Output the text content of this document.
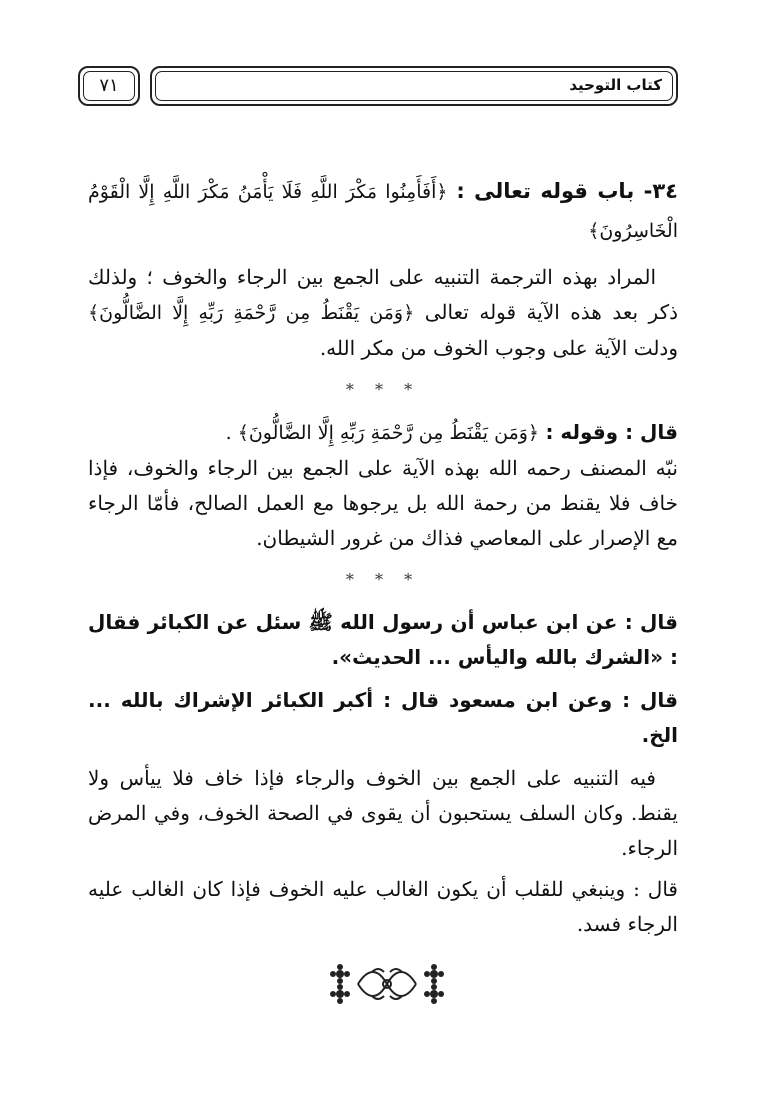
كتاب التوحيد
٧١

٣٤- باب قوله تعالى : ﴿أَفَأَمِنُوا مَكْرَ اللَّهِ فَلَا يَأْمَنُ مَكْرَ اللَّهِ إِلَّا الْقَوْمُ الْخَاسِرُونَ﴾

المراد بهذه الترجمة التنبيه على الجمع بين الرجاء والخوف ؛ ولذلك ذكر بعد هذه الآية قوله تعالى ﴿وَمَن يَقْنَطُ مِن رَّحْمَةِ رَبِّهِ إِلَّا الضَّالُّونَ﴾ ودلت الآية على وجوب الخوف من مكر الله.

* * *

قال : وقوله : ﴿وَمَن يَقْنَطُ مِن رَّحْمَةِ رَبِّهِ إِلَّا الضَّالُّونَ﴾ .

نبّه المصنف رحمه الله بهذه الآية على الجمع بين الرجاء والخوف، فإذا خاف فلا يقنط من رحمة الله بل يرجوها مع العمل الصالح، فأمّا الرجاء مع الإصرار على المعاصي فذاك من غرور الشيطان.

* * *

قال : عن ابن عباس أن رسول الله ﷺ سئل عن الكبائر فقال : «الشرك بالله واليأس ... الحديث».

قال : وعن ابن مسعود قال : أكبر الكبائر الإشراك بالله ... الخ.

فيه التنبيه على الجمع بين الخوف والرجاء فإذا خاف فلا ييأس ولا يقنط. وكان السلف يستحبون أن يقوى في الصحة الخوف، وفي المرض الرجاء.

قال : وينبغي للقلب أن يكون الغالب عليه الخوف فإذا كان الغالب عليه الرجاء فسد.
